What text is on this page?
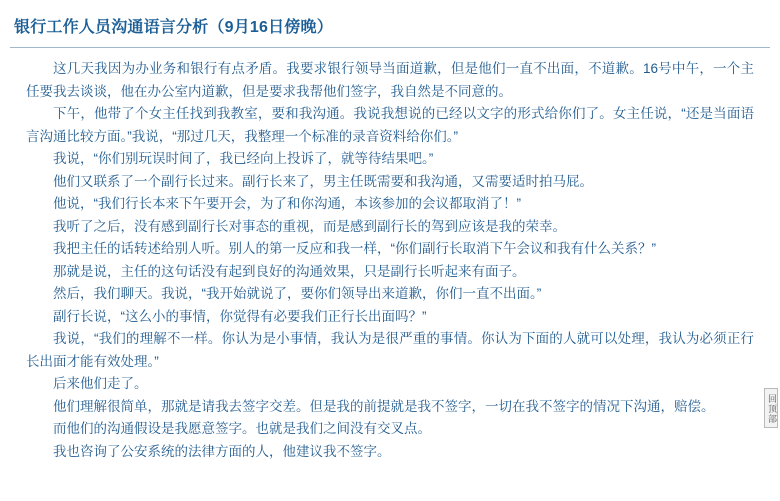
银行工作人员沟通语言分析（9月16日傍晚）

这几天我因为办业务和银行有点矛盾。我要求银行领导当面道歉，但是他们一直不出面，不道歉。16号中午，一个主任要我去谈谈，他在办公室内道歉，但是要求我帮他们签字，我自然是不同意的。

下午，他带了个女主任找到我教室，要和我沟通。我说我想说的已经以文字的形式给你们了。女主任说，“还是当面语言沟通比较方面。”我说，“那过几天，我整理一个标准的录音资料给你们。”

我说，“你们别玩误时间了，我已经向上投诉了，就等待结果吧。”

他们又联系了一个副行长过来。副行长来了，男主任既需要和我沟通，又需要适时拍马屁。

他说，“我们行长本来下午要开会，为了和你沟通，本该参加的会议都取消了！”

我听了之后，没有感到副行长对事态的重视，而是感到副行长的驾到应该是我的荣幸。

我把主任的话转述给别人听。别人的第一反应和我一样，“你们副行长取消下午会议和我有什么关系？”

那就是说，主任的这句话没有起到良好的沟通效果，只是副行长听起来有面子。

然后，我们聊天。我说，“我开始就说了，要你们领导出来道歉，你们一直不出面。”

副行长说，“这么小的事情，你觉得有必要我们正行长出面吗？”

我说，“我们的理解不一样。你认为是小事情，我认为是很严重的事情。你认为下面的人就可以处理，我认为必须正行长出面才能有效处理。”

后来他们走了。

他们理解很简单，那就是请我去签字交差。但是我的前提就是我不签字，一切在我不签字的情况下沟通，赔偿。

而他们的沟通假设是我愿意签字。也就是我们之间没有交叉点。

我也咨询了公安系统的法律方面的人，他建议我不签字。

回顶部
